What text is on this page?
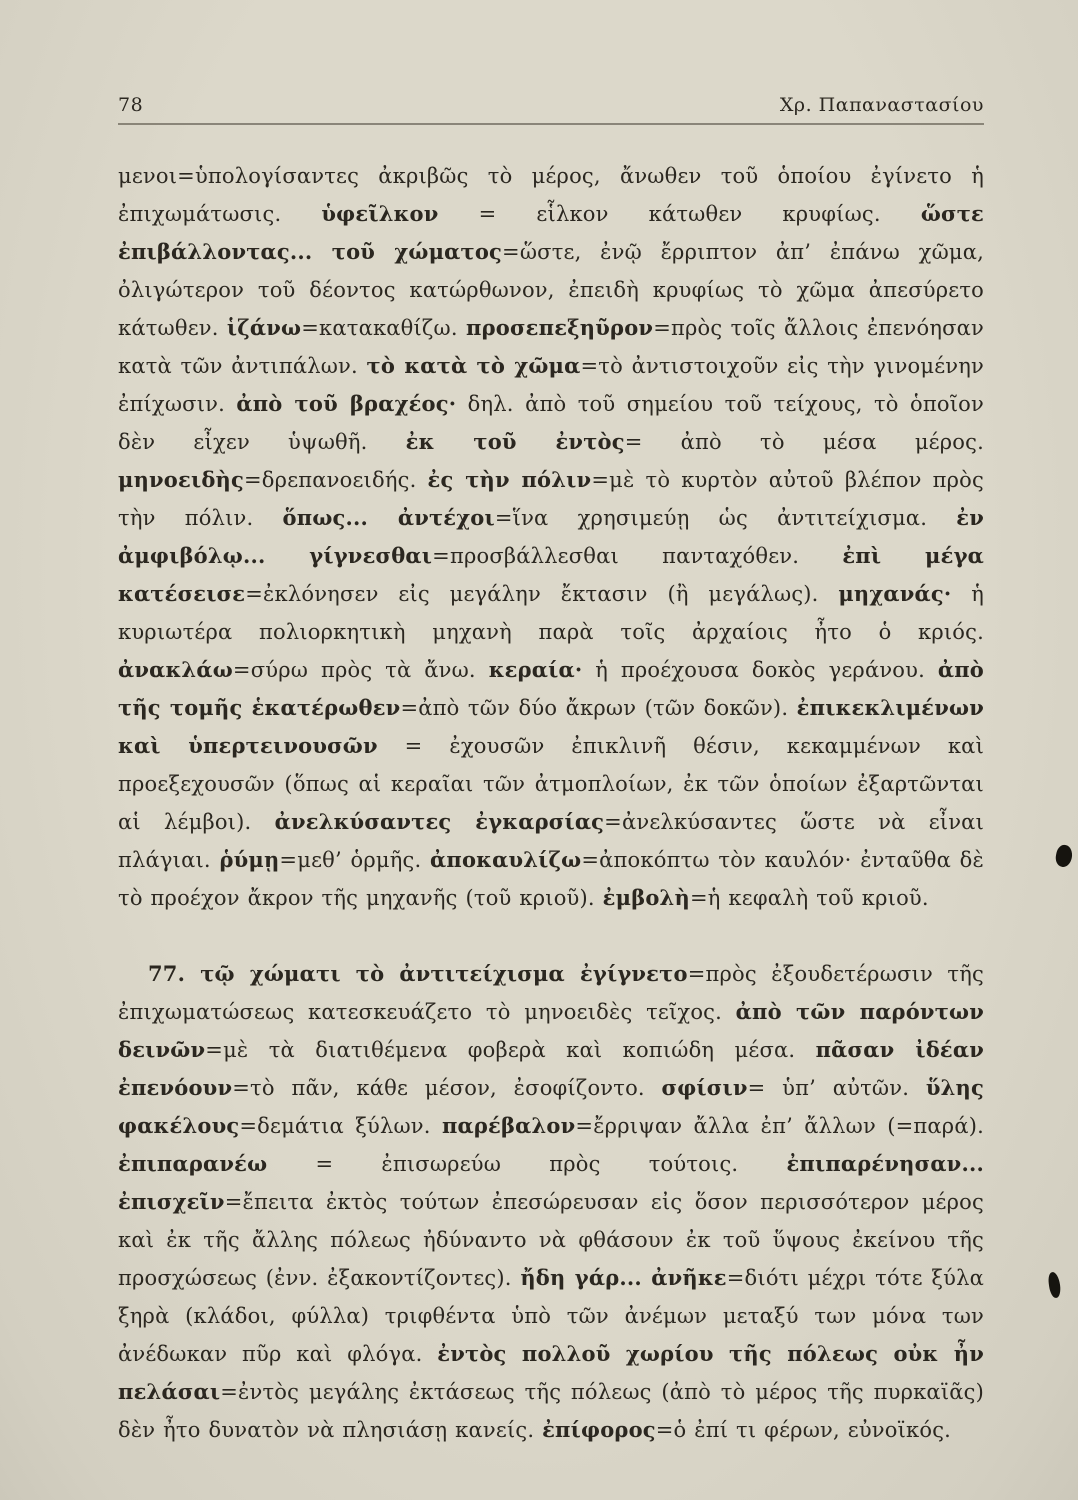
78	Χρ. Παπαναστασίου

μενοι=ὑπολογίσαντες ἀκριβῶς τὸ μέρος, ἄνωθεν τοῦ ὁποίου ἐγίνετο ἡ ἐπιχωμάτωσις. ὑφεῖλκον = εἷλκον κάτωθεν κρυφίως. ὥστε ἐπιβάλλοντας... τοῦ χώματος=ὥστε, ἐνῷ ἔρριπτον ἀπ’ ἐπάνω χῶμα, ὀλιγώτερον τοῦ δέοντος κατώρθωνον, ἐπειδὴ κρυφίως τὸ χῶμα ἀπεσύρετο κάτωθεν. ἱζάνω=κατακαθίζω. προσεπεξηῦρον=πρὸς τοῖς ἄλλοις ἐπενόησαν κατὰ τῶν ἀντιπάλων. τὸ κατὰ τὸ χῶμα=τὸ ἀντιστοιχοῦν εἰς τὴν γινομένην ἐπίχωσιν. ἀπὸ τοῦ βραχέος· δηλ. ἀπὸ τοῦ σημείου τοῦ τείχους, τὸ ὁποῖον δὲν εἶχεν ὑψωθῆ. ἐκ τοῦ ἐντὸς= ἀπὸ τὸ μέσα μέρος. μηνοειδὴς=δρεπανοειδής. ἐς τὴν πόλιν=μὲ τὸ κυρτὸν αὐτοῦ βλέπον πρὸς τὴν πόλιν. ὅπως... ἀντέχοι=ἵνα χρησιμεύῃ ὡς ἀντιτείχισμα. ἐν ἀμφιβόλῳ... γίγνεσθαι=προσβάλλεσθαι πανταχόθεν. ἐπὶ μέγα κατέσεισε=ἐκλόνησεν εἰς μεγάλην ἔκτασιν (ἢ μεγάλως). μηχανάς· ἡ κυριωτέρα πολιορκητικὴ μηχανὴ παρὰ τοῖς ἀρχαίοις ἦτο ὁ κριός. ἀνακλάω=σύρω πρὸς τὰ ἄνω. κεραία· ἡ προέχουσα δοκὸς γεράνου. ἀπὸ τῆς τομῆς ἑκατέρωθεν=ἀπὸ τῶν δύο ἄκρων (τῶν δοκῶν). ἐπικεκλιμένων καὶ ὑπερτεινουσῶν = ἐχουσῶν ἐπικλινῆ θέσιν, κεκαμμένων καὶ προεξεχουσῶν (ὅπως αἱ κεραῖαι τῶν ἀτμοπλοίων, ἐκ τῶν ὁποίων ἐξαρτῶνται αἱ λέμβοι). ἀνελκύσαντες ἐγκαρσίας=ἀνελκύσαντες ὥστε νὰ εἶναι πλάγιαι. ῥύμῃ=μεθ’ ὁρμῆς. ἀποκαυλίζω=ἀποκόπτω τὸν καυλόν· ἐνταῦθα δὲ τὸ προέχον ἄκρον τῆς μηχανῆς (τοῦ κριοῦ). ἐμβολὴ=ἡ κεφαλὴ τοῦ κριοῦ.

77. τῷ χώματι τὸ ἀντιτείχισμα ἐγίγνετο=πρὸς ἐξουδετέρωσιν τῆς ἐπιχωματώσεως κατεσκευάζετο τὸ μηνοειδὲς τεῖχος. ἀπὸ τῶν παρόντων δεινῶν=μὲ τὰ διατιθέμενα φοβερὰ καὶ κοπιώδη μέσα. πᾶσαν ἰδέαν ἐπενόουν=τὸ πᾶν, κάθε μέσον, ἐσοφίζοντο. σφίσιν= ὑπ’ αὐτῶν. ὕλης φακέλους=δεμάτια ξύλων. παρέβαλον=ἔρριψαν ἄλλα ἐπ’ ἄλλων (=παρά). ἐπιπαρανέω = ἐπισωρεύω πρὸς τούτοις. ἐπιπαρένησαν... ἐπισχεῖν=ἔπειτα ἐκτὸς τούτων ἐπεσώρευσαν εἰς ὅσον περισσότερον μέρος καὶ ἐκ τῆς ἄλλης πόλεως ἠδύναντο νὰ φθάσουν ἐκ τοῦ ὕψους ἐκείνου τῆς προσχώσεως (ἐνν. ἐξακοντίζοντες). ἤδη γάρ... ἀνῆκε=διότι μέχρι τότε ξύλα ξηρὰ (κλάδοι, φύλλα) τριφθέντα ὑπὸ τῶν ἀνέμων μεταξύ των μόνα των ἀνέδωκαν πῦρ καὶ φλόγα. ἐντὸς πολλοῦ χωρίου τῆς πόλεως οὐκ ἦν πελάσαι=ἐντὸς μεγάλης ἐκτάσεως τῆς πόλεως (ἀπὸ τὸ μέρος τῆς πυρκαϊᾶς) δὲν ἦτο δυνατὸν νὰ πλησιάσῃ κανείς. ἐπίφορος=ὁ ἐπί τι φέρων, εὐνοϊκός.
